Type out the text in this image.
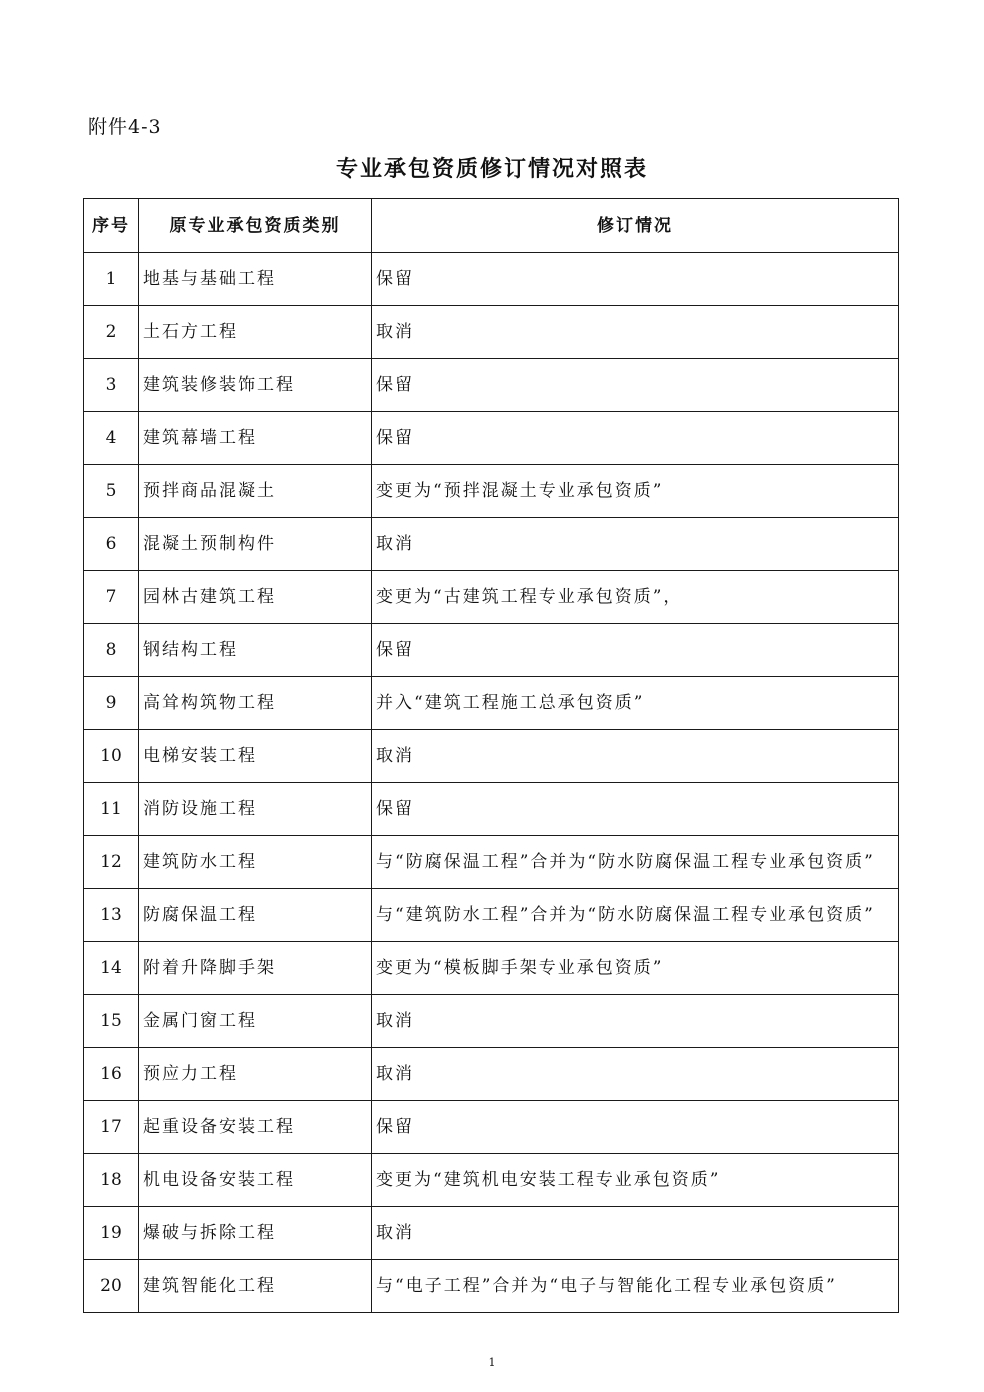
附件4-3
专业承包资质修订情况对照表
序号	原专业承包资质类别	修订情况
1	地基与基础工程	保留
2	土石方工程	取消
3	建筑装修装饰工程	保留
4	建筑幕墙工程	保留
5	预拌商品混凝土	变更为“预拌混凝土专业承包资质”
6	混凝土预制构件	取消
7	园林古建筑工程	变更为“古建筑工程专业承包资质”，
8	钢结构工程	保留
9	高耸构筑物工程	并入“建筑工程施工总承包资质”
10	电梯安装工程	取消
11	消防设施工程	保留
12	建筑防水工程	与“防腐保温工程”合并为“防水防腐保温工程专业承包资质”
13	防腐保温工程	与“建筑防水工程”合并为“防水防腐保温工程专业承包资质”
14	附着升降脚手架	变更为“模板脚手架专业承包资质”
15	金属门窗工程	取消
16	预应力工程	取消
17	起重设备安装工程	保留
18	机电设备安装工程	变更为“建筑机电安装工程专业承包资质”
19	爆破与拆除工程	取消
20	建筑智能化工程	与“电子工程”合并为“电子与智能化工程专业承包资质”
1
